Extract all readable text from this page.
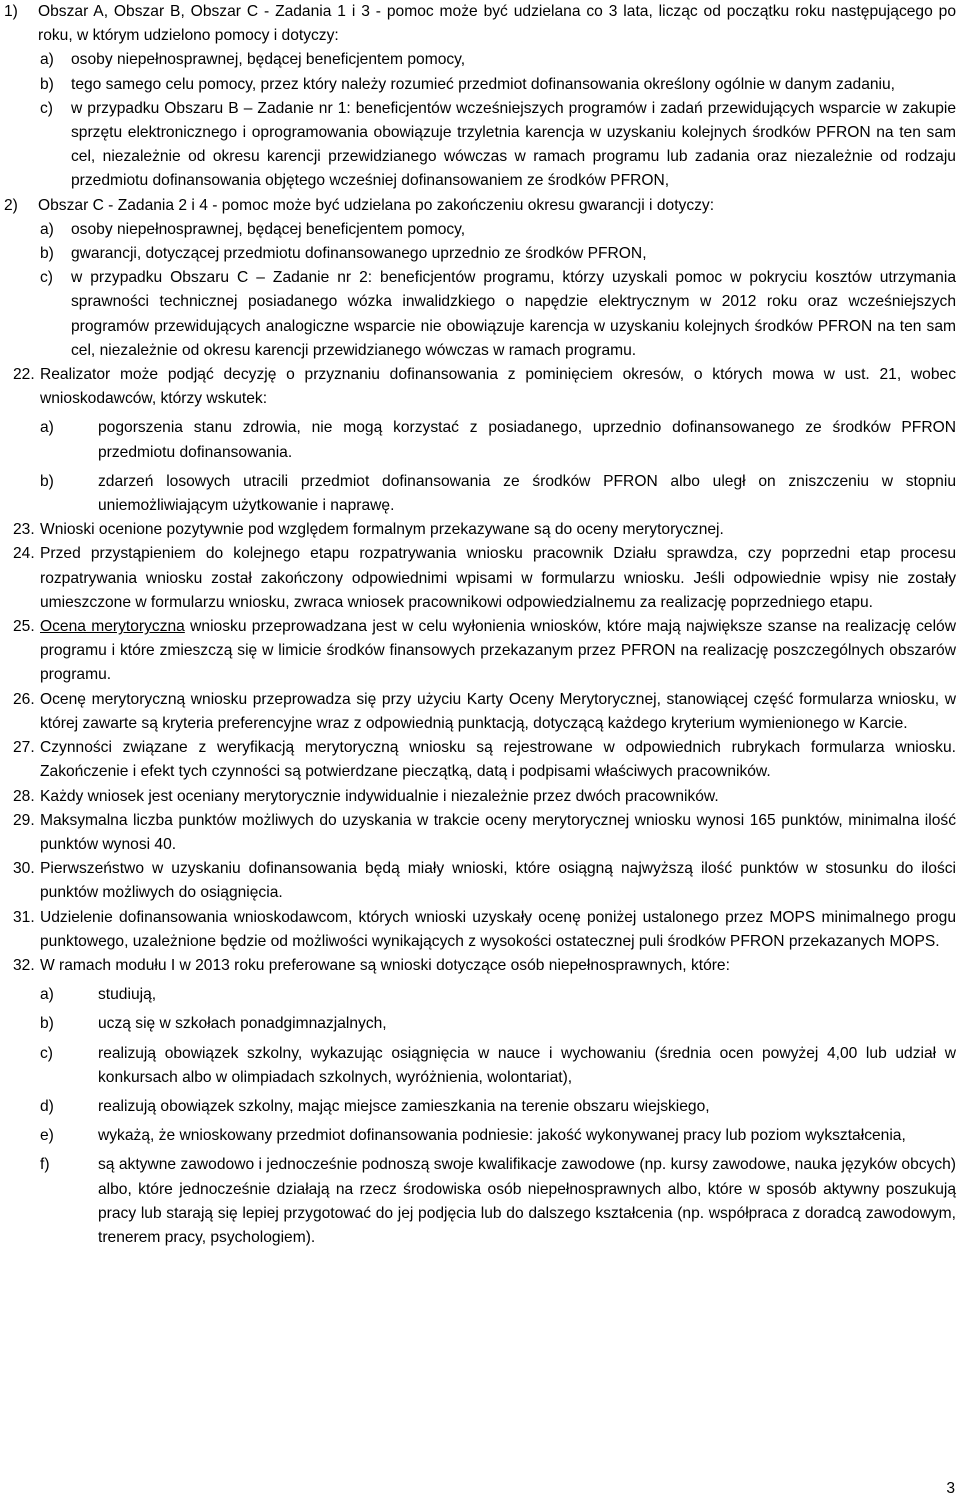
1)	Obszar A, Obszar B, Obszar C - Zadania 1 i 3 - pomoc może być udzielana co 3 lata, licząc od początku roku następującego po roku, w którym udzielono pomocy i dotyczy:
a)	osoby niepełnosprawnej, będącej beneficjentem pomocy,
b)	tego samego celu pomocy, przez który należy rozumieć przedmiot dofinansowania określony ogólnie w danym zadaniu,
c)	w przypadku Obszaru B – Zadanie nr 1: beneficjentów wcześniejszych programów i zadań przewidujących wsparcie w zakupie sprzętu elektronicznego i oprogramowania obowiązuje trzyletnia karencja w uzyskaniu kolejnych środków PFRON na ten sam cel, niezależnie od okresu karencji przewidzianego wówczas w ramach programu lub zadania oraz niezależnie od rodzaju przedmiotu dofinansowania objętego wcześniej dofinansowaniem ze środków PFRON,
2)	Obszar C - Zadania 2 i 4 - pomoc może być udzielana po zakończeniu okresu gwarancji i dotyczy:
a)	osoby niepełnosprawnej, będącej beneficjentem pomocy,
b)	gwarancji, dotyczącej przedmiotu dofinansowanego uprzednio ze środków PFRON,
c)	w przypadku Obszaru C – Zadanie nr 2: beneficjentów programu, którzy uzyskali pomoc w pokryciu kosztów utrzymania sprawności technicznej posiadanego wózka inwalidzkiego o napędzie elektrycznym w 2012 roku oraz wcześniejszych programów przewidujących analogiczne wsparcie nie obowiązuje karencja w uzyskaniu kolejnych środków PFRON na ten sam cel, niezależnie od okresu karencji przewidzianego wówczas w ramach programu.
22. Realizator może podjąć decyzję o przyznaniu dofinansowania z pominięciem okresów, o których mowa w ust. 21, wobec wnioskodawców, którzy wskutek:
a)	pogorszenia stanu zdrowia, nie mogą korzystać z posiadanego, uprzednio dofinansowanego ze środków PFRON przedmiotu dofinansowania.
b)	zdarzeń losowych utracili przedmiot dofinansowania ze środków PFRON albo uległ on zniszczeniu w stopniu uniemożliwiającym użytkowanie i naprawę.
23. Wnioski ocenione pozytywnie pod względem formalnym przekazywane są do oceny merytorycznej.
24. Przed przystąpieniem do kolejnego etapu rozpatrywania wniosku pracownik Działu sprawdza, czy poprzedni etap procesu rozpatrywania wniosku został zakończony odpowiednimi wpisami w formularzu wniosku. Jeśli odpowiednie wpisy nie zostały umieszczone w formularzu wniosku, zwraca wniosek pracownikowi odpowiedzialnemu za realizację poprzedniego etapu.
25. Ocena merytoryczna wniosku przeprowadzana jest w celu wyłonienia wniosków, które mają największe szanse na realizację celów programu i które zmieszczą się w limicie środków finansowych przekazanym przez PFRON na realizację poszczególnych obszarów programu.
26. Ocenę merytoryczną wniosku przeprowadza się przy użyciu Karty Oceny Merytorycznej, stanowiącej część formularza wniosku, w której zawarte są kryteria preferencyjne wraz z odpowiednią punktacją, dotyczącą każdego kryterium wymienionego w Karcie.
27. Czynności związane z weryfikacją merytoryczną wniosku są rejestrowane w odpowiednich rubrykach formularza wniosku. Zakończenie i efekt tych czynności są potwierdzane pieczątką, datą i podpisami właściwych pracowników.
28. Każdy wniosek jest oceniany merytorycznie indywidualnie i niezależnie przez dwóch pracowników.
29. Maksymalna liczba punktów możliwych do uzyskania w trakcie oceny merytorycznej wniosku wynosi 165 punktów, minimalna ilość punktów wynosi 40.
30. Pierwszeństwo w uzyskaniu dofinansowania będą miały wnioski, które osiągną najwyższą ilość punktów w stosunku do ilości punktów możliwych do osiągnięcia.
31. Udzielenie dofinansowania wnioskodawcom, których wnioski uzyskały ocenę poniżej ustalonego przez MOPS minimalnego progu punktowego, uzależnione będzie od możliwości wynikających z wysokości ostatecznej puli środków PFRON przekazanych MOPS.
32. W ramach modułu I w 2013 roku preferowane są wnioski dotyczące osób niepełnosprawnych, które:
a)	studiują,
b)	uczą się w szkołach ponadgimnazjalnych,
c)	realizują obowiązek szkolny, wykazując osiągnięcia w nauce i wychowaniu (średnia ocen powyżej 4,00 lub udział w konkursach albo w olimpiadach szkolnych, wyróżnienia, wolontariat),
d)	realizują obowiązek szkolny, mając miejsce zamieszkania na terenie obszaru wiejskiego,
e)	wykażą, że wnioskowany przedmiot dofinansowania podniesie: jakość wykonywanej pracy lub poziom wykształcenia,
f)	są aktywne zawodowo i jednocześnie podnoszą swoje kwalifikacje zawodowe (np. kursy zawodowe, nauka języków obcych) albo, które jednocześnie działają na rzecz środowiska osób niepełnosprawnych albo, które w sposób aktywny poszukują pracy lub starają się lepiej przygotować do jej podjęcia lub do dalszego kształcenia (np. współpraca z doradcą zawodowym, trenerem pracy, psychologiem).
3
